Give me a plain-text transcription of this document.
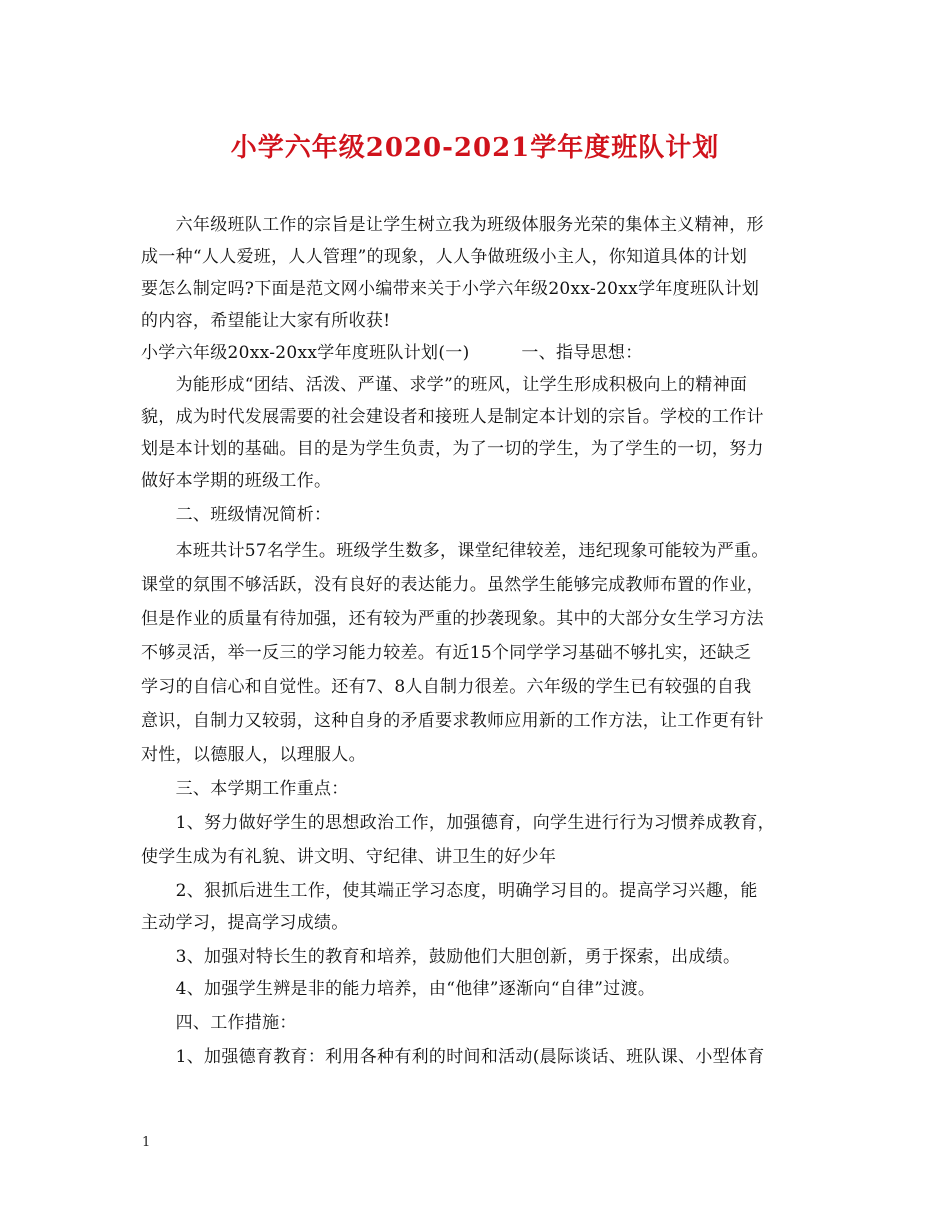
小学六年级2020-2021学年度班队计划
　　六年级班队工作的宗旨是让学生树立我为班级体服务光荣的集体主义精神，形
成一种“人人爱班，人人管理”的现象，人人争做班级小主人，你知道具体的计划
要怎么制定吗?下面是范文网小编带来关于小学六年级20xx-20xx学年度班队计划
的内容，希望能让大家有所收获!
小学六年级20xx-20xx学年度班队计划(一)　　　一、指导思想：
　　为能形成“团结、活泼、严谨、求学”的班风，让学生形成积极向上的精神面
貌，成为时代发展需要的社会建设者和接班人是制定本计划的宗旨。学校的工作计
划是本计划的基础。目的是为学生负责，为了一切的学生，为了学生的一切，努力
做好本学期的班级工作。
　　二、班级情况简析：
　　本班共计57名学生。班级学生数多，课堂纪律较差，违纪现象可能较为严重。
课堂的氛围不够活跃，没有良好的表达能力。虽然学生能够完成教师布置的作业，
但是作业的质量有待加强，还有较为严重的抄袭现象。其中的大部分女生学习方法
不够灵活，举一反三的学习能力较差。有近15个同学学习基础不够扎实，还缺乏
学习的自信心和自觉性。还有7、8人自制力很差。六年级的学生已有较强的自我
意识，自制力又较弱，这种自身的矛盾要求教师应用新的工作方法，让工作更有针
对性，以德服人，以理服人。
　　三、本学期工作重点：
　　1、努力做好学生的思想政治工作，加强德育，向学生进行行为习惯养成教育，
使学生成为有礼貌、讲文明、守纪律、讲卫生的好少年
　　2、狠抓后进生工作，使其端正学习态度，明确学习目的。提高学习兴趣，能
主动学习，提高学习成绩。
　　3、加强对特长生的教育和培养，鼓励他们大胆创新，勇于探索，出成绩。
　　4、加强学生辨是非的能力培养，由“他律”逐渐向“自律”过渡。
　　四、工作措施：
　　1、加强德育教育：利用各种有利的时间和活动(晨际谈话、班队课、小型体育
1
